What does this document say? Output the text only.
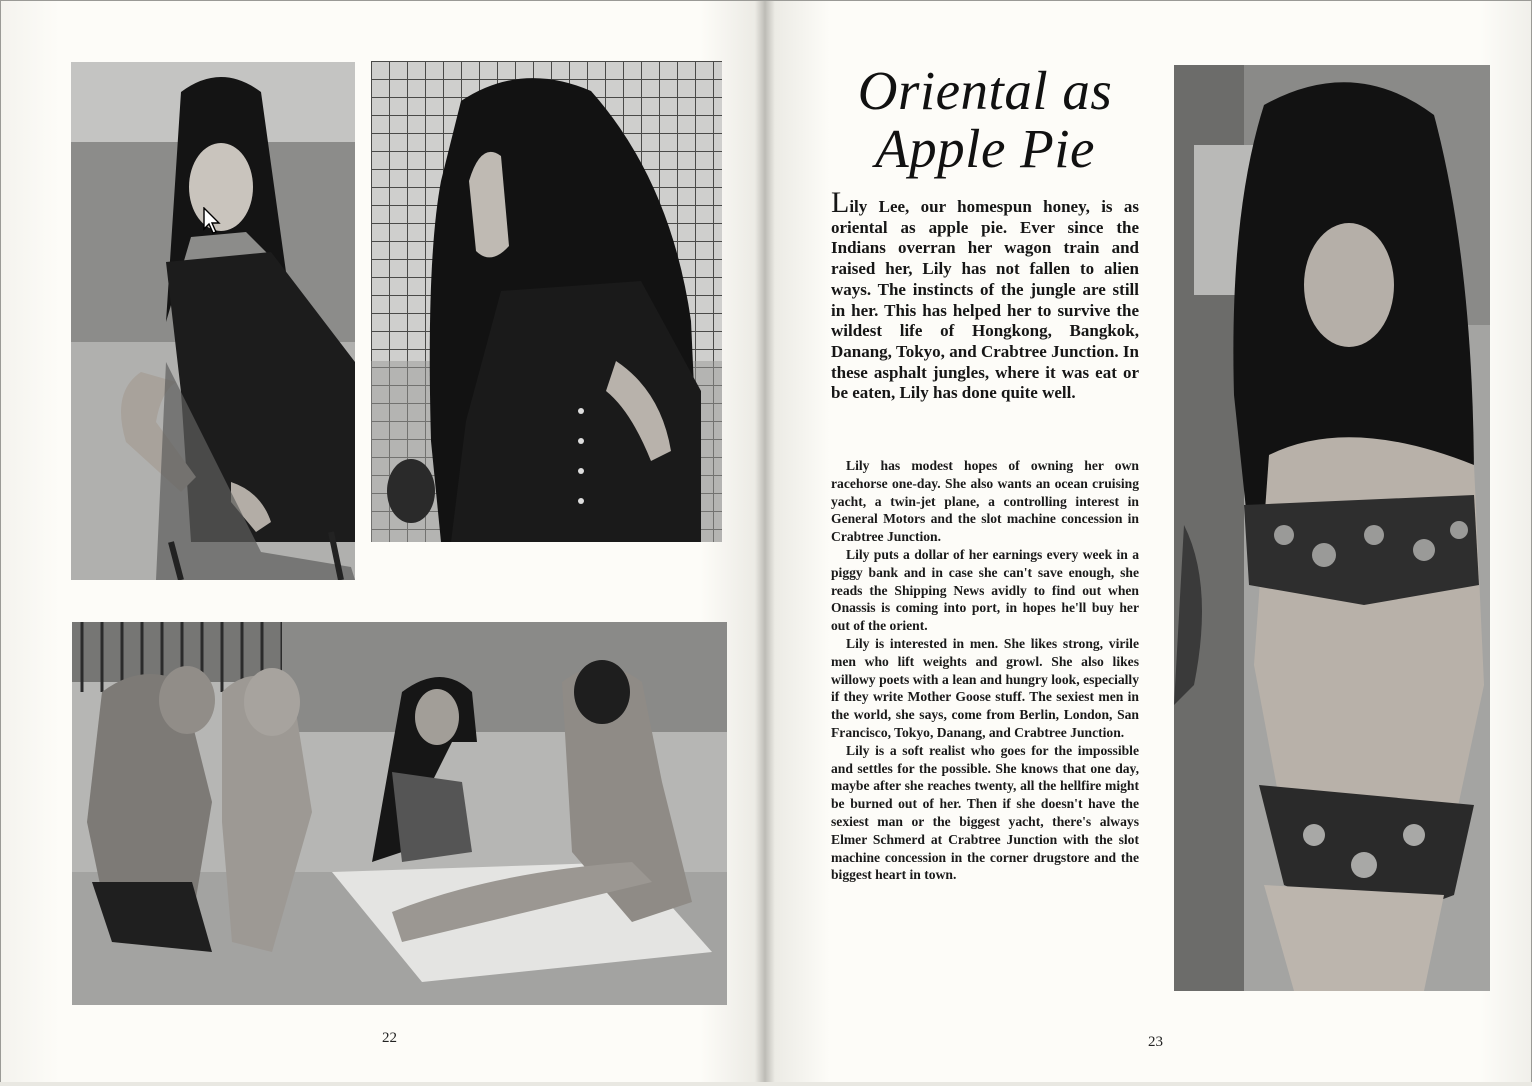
22
Oriental as
Apple Pie

Lily Lee, our homespun honey, is as oriental as apple pie. Ever since the Indians overran her wagon train and raised her, Lily has not fallen to alien ways. The instincts of the jungle are still in her. This has helped her to survive the wildest life of Hongkong, Bangkok, Danang, Tokyo, and Crabtree Junction. In these asphalt jungles, where it was eat or be eaten, Lily has done quite well.

Lily has modest hopes of owning her own racehorse one-day. She also wants an ocean cruising yacht, a twin-jet plane, a controlling interest in General Motors and the slot machine concession in Crabtree Junction.

Lily puts a dollar of her earnings every week in a piggy bank and in case she can't save enough, she reads the Shipping News avidly to find out when Onassis is coming into port, in hopes he'll buy her out of the orient.

Lily is interested in men. She likes strong, virile men who lift weights and growl. She also likes willowy poets with a lean and hungry look, especially if they write Mother Goose stuff. The sexiest men in the world, she says, come from Berlin, London, San Francisco, Tokyo, Danang, and Crabtree Junction.

Lily is a soft realist who goes for the impossible and settles for the possible. She knows that one day, maybe after she reaches twenty, all the hellfire might be burned out of her. Then if she doesn't have the sexiest man or the biggest yacht, there's always Elmer Schmerd at Crabtree Junction with the slot machine concession in the corner drugstore and the biggest heart in town.

23
